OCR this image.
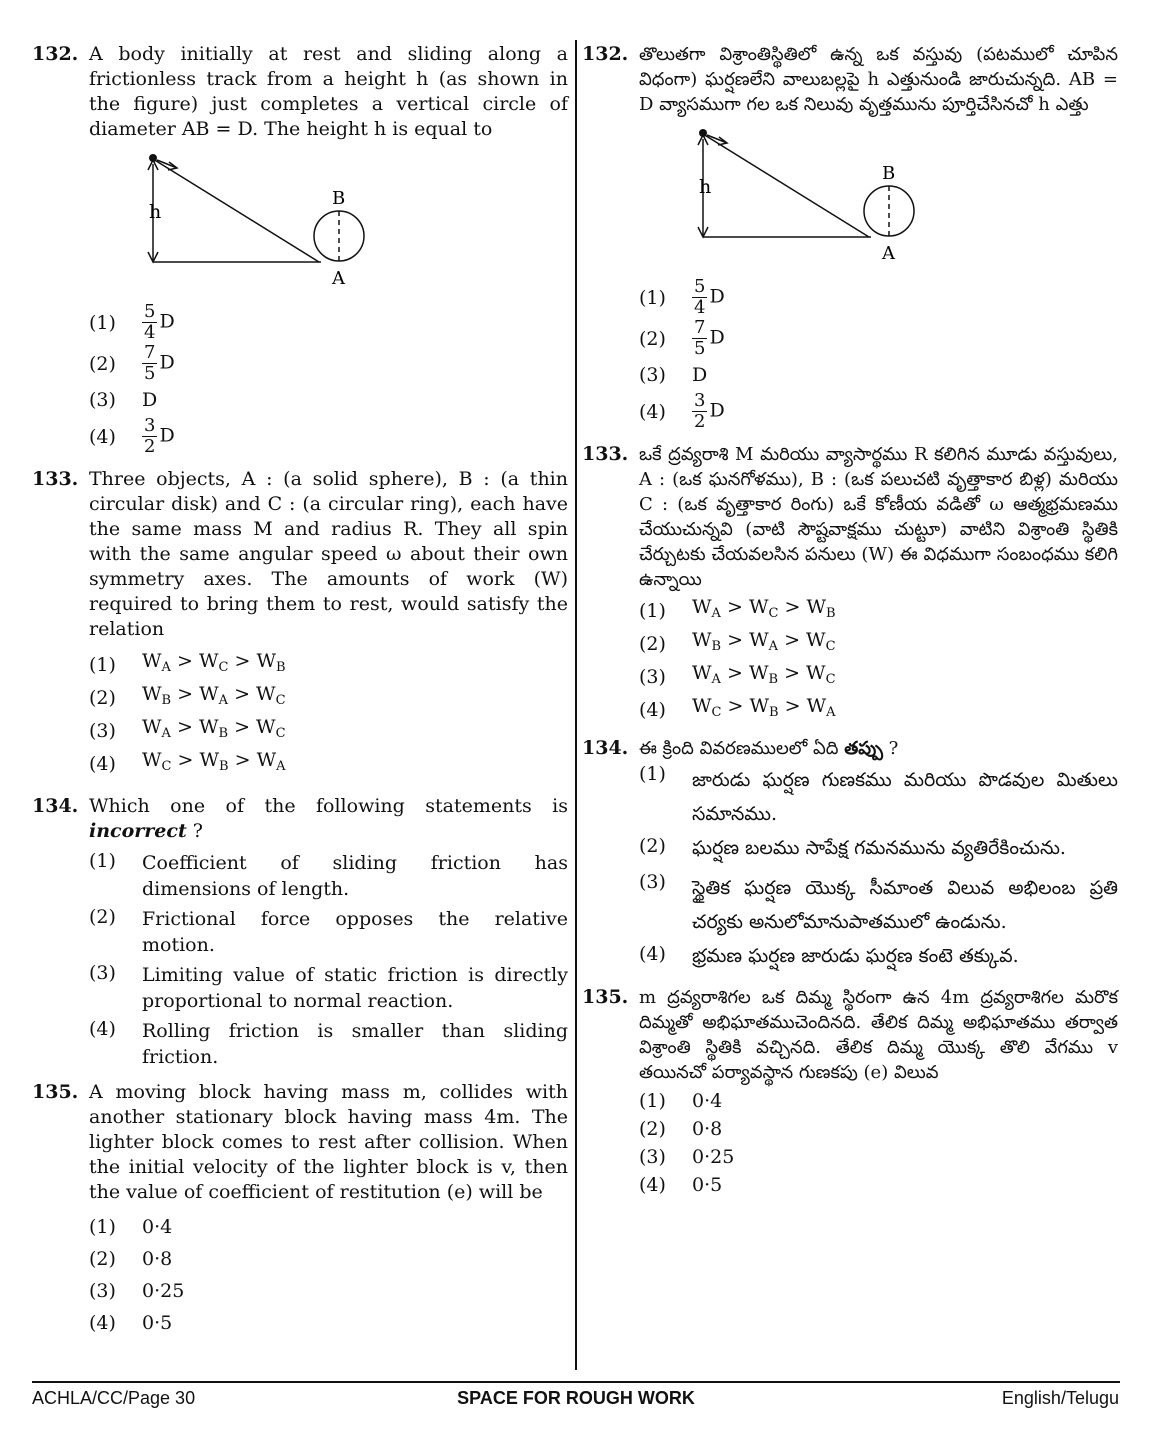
132. A body initially at rest and sliding along a frictionless track from a height h (as shown in the figure) just completes a vertical circle of diameter AB = D. The height h is equal to
h
B
A
(1)	$\frac{5}{4}$ D
(2)	$\frac{7}{5}$ D
(3)	D
(4)	$\frac{3}{2}$ D
133. Three objects, A : (a solid sphere), B : (a thin circular disk) and C : (a circular ring), each have the same mass M and radius R. They all spin with the same angular speed ω about their own symmetry axes. The amounts of work (W) required to bring them to rest, would satisfy the relation
(1)	$W_A > W_C > W_B$
(2)	$W_B > W_A > W_C$
(3)	$W_A > W_B > W_C$
(4)	$W_C > W_B > W_A$
134. Which one of the following statements is incorrect ?
(1)	Coefficient of sliding friction has dimensions of length.
(2)	Frictional force opposes the relative motion.
(3)	Limiting value of static friction is directly proportional to normal reaction.
(4)	Rolling friction is smaller than sliding friction.
135. A moving block having mass m, collides with another stationary block having mass 4m. The lighter block comes to rest after collision. When the initial velocity of the lighter block is v, then the value of coefficient of restitution (e) will be
(1)	0·4
(2)	0·8
(3)	0·25
(4)	0·5
132. తొలుతగా విశ్రాంతిస్థితిలో ఉన్న ఒక వస్తువు (పటములో చూపిన విధంగా) ఘర్షణలేని వాలుబల్లపై h ఎత్తునుండి జారుచున్నది. AB = D వ్యాసముగా గల ఒక నిలువు వృత్తమును పూర్తిచేసినచో h ఎత్తు
h
B
A
(1)	$\frac{5}{4}$ D
(2)	$\frac{7}{5}$ D
(3)	D
(4)	$\frac{3}{2}$ D
133. ఒకే ద్రవ్యరాశి M మరియు వ్యాసార్థము R కలిగిన మూడు వస్తువులు, A : (ఒక ఘనగోళము), B : (ఒక పలుచటి వృత్తాకార బిళ్ల) మరియు C : (ఒక వృత్తాకార రింగు) ఒకే కోణీయ వడితో ω ఆత్మభ్రమణము చేయుచున్నవి (వాటి సౌష్టవాక్షము చుట్టూ) వాటిని విశ్రాంతి స్థితికి చేర్చుటకు చేయవలసిన పనులు (W) ఈ విధముగా సంబంధము కలిగి ఉన్నాయి
(1)	$W_A > W_C > W_B$
(2)	$W_B > W_A > W_C$
(3)	$W_A > W_B > W_C$
(4)	$W_C > W_B > W_A$
134. ఈ క్రింది వివరణములలో ఏది తప్పు ?
(1)	జారుడు ఘర్షణ గుణకము మరియు పొడవుల మితులు సమానము.
(2)	ఘర్షణ బలము సాపేక్ష గమనమును వ్యతిరేకించును.
(3)	స్థైతిక ఘర్షణ యొక్క సీమాంత విలువ అభిలంబ ప్రతి చర్యకు అనులోమానుపాతములో ఉండును.
(4)	భ్రమణ ఘర్షణ జారుడు ఘర్షణ కంటె తక్కువ.
135. m ద్రవ్యరాశిగల ఒక దిమ్మ స్థిరంగా ఉన 4m ద్రవ్యరాశిగల మరొక దిమ్మతో అభిఘాతముచెందినది. తేలిక దిమ్మ అభిఘాతము తర్వాత విశ్రాంతి స్థితికి వచ్చినది. తేలిక దిమ్మ యొక్క తొలి వేగము v తయినచో పర్యావస్థాన గుణకపు (e) విలువ
(1)	0·4
(2)	0·8
(3)	0·25
(4)	0·5
ACHLA/CC/Page 30	SPACE FOR ROUGH WORK	English/Telugu
